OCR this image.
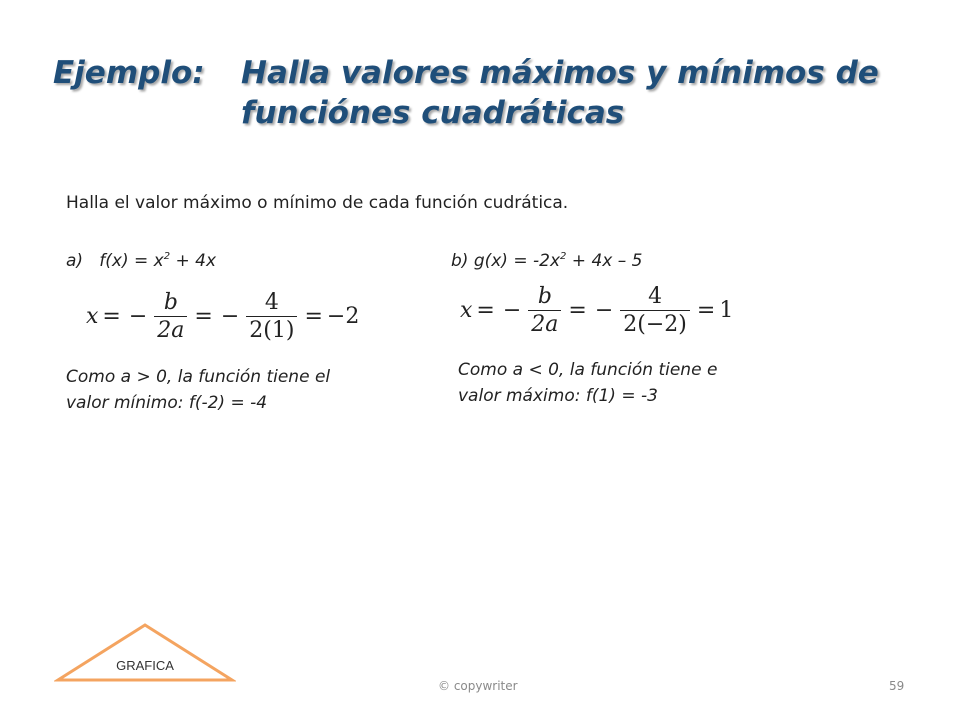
Ejemplo: Halla valores máximos y mínimos de
funciónes cuadráticas
Halla el valor máximo o mínimo de cada función cudrática.
a) $f(x) = x^2 + 4x$
x = − $\frac{b}{2a}$ = − $\frac{4}{2(1)} = -2$
Como a > 0, la función tiene el
valor mínimo: f(-2) = -4
b) $g(x) = -2x^2 + 4x - 5$
x = − $\frac{b}{2a}$ = − $\frac{4}{2(-2)} = 1$
Como a < 0, la función tiene e
valor máximo: f(1) = -3
GRAFICA
© copywriter	59
